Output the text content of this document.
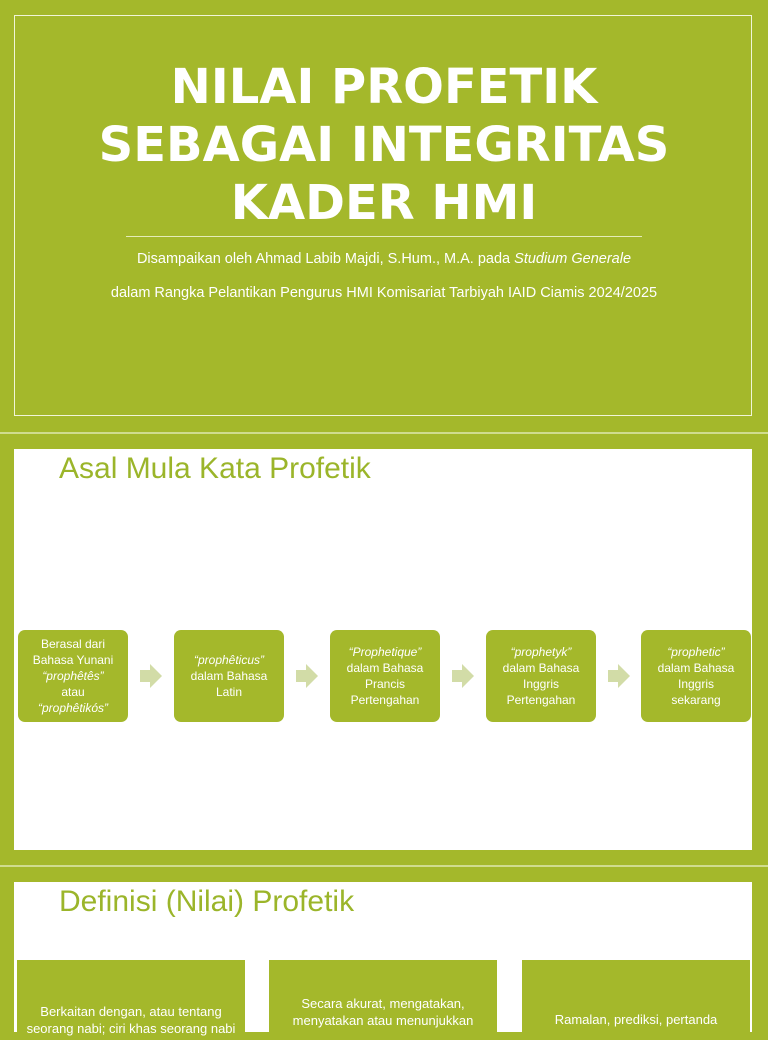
NILAI PROFETIK
SEBAGAI INTEGRITAS
KADER HMI
Disampaikan oleh Ahmad Labib Majdi, S.Hum., M.A. pada Studium Generale
dalam Rangka Pelantikan Pengurus HMI Komisariat Tarbiyah IAID Ciamis 2024/2025
Asal Mula Kata Profetik
Berasal dari
Bahasa Yunani
“prophêtês”
atau
“prophêtikós”
“prophêticus”
dalam Bahasa
Latin
“Prophetique”
dalam Bahasa
Prancis
Pertengahan
“prophetyk”
dalam Bahasa
Inggris
Pertengahan
“prophetic”
dalam Bahasa
Inggris
sekarang
Definisi (Nilai) Profetik
Berkaitan dengan, atau tentang
seorang nabi; ciri khas seorang nabi
Secara akurat, mengatakan,
menyatakan atau menunjukkan	Ramalan, prediksi, pertanda
